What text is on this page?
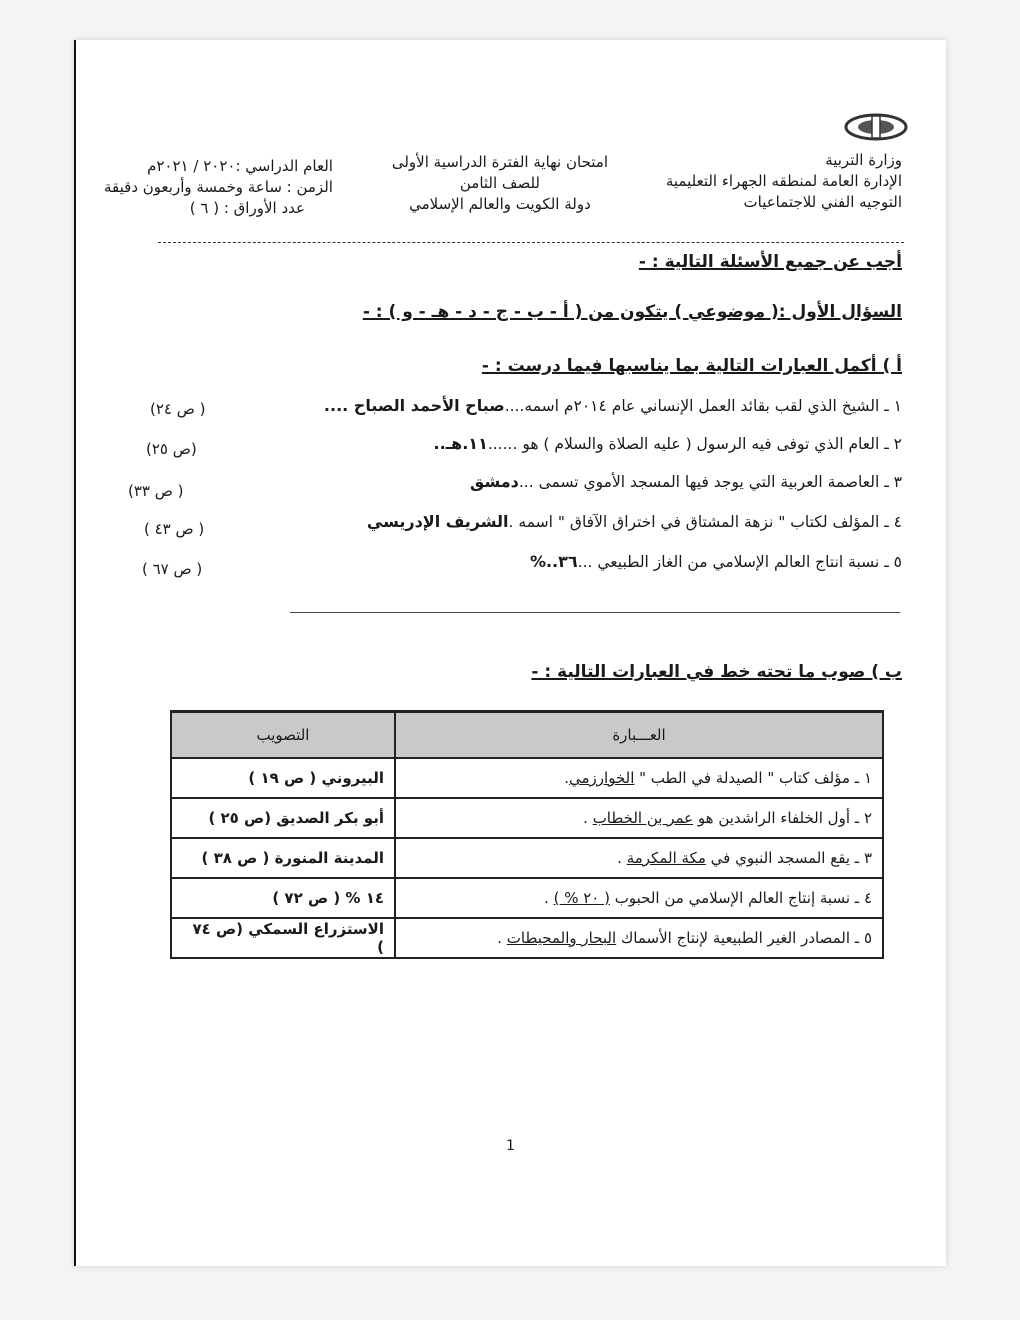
وزارة التربية
الإدارة العامة لمنطقه الجهراء التعليمية
التوجيه الفني للاجتماعيات
امتحان نهاية الفترة الدراسية الأولى
للصف الثامن
دولة الكويت والعالم الإسلامي
العام الدراسي :٢٠٢٠ / ٢٠٢١م
الزمن : ساعة وخمسة وأربعون دقيقة
عدد الأوراق : ( ٦ )
أجب عن جميع الأسئلة التالية : -
السؤال الأول :( موضوعي ) يتكون من ( أ - ب - ج - د - هـ - و ) : -
أ ) أكمل العبارات التالية بما يناسبها فيما درست : -
١ ـ الشيخ الذي لقب بقائد العمل الإنساني عام ٢٠١٤م اسمه....صباح الأحمد الصباح ....
( ص ٢٤)
٢ ـ العام الذي توفى فيه الرسول ( عليه الصلاة والسلام ) هو ......١١.هـ..
(ص ٢٥)
٣ ـ العاصمة العربية التي يوجد فيها المسجد الأموي تسمى ...دمشق
( ص ٣٣)
٤ ـ المؤلف لكتاب " نزهة المشتاق في اختراق الآفاق " اسمه .الشريف الإدريسي
( ص ٤٣ )
٥ ـ نسبة انتاج العالم الإسلامي من الغاز الطبيعي ...٣٦..%
( ص ٦٧ )
ب ) صوب ما تحته خط في العبارات التالية : -
العـــبارة	التصويب
١ ـ مؤلف كتاب " الصيدلة في الطب " الخوارزمي.	البيروني ( ص ١٩ )
٢ ـ أول الخلفاء الراشدين هو عمر بن الخطاب .	أبو بكر الصديق (ص ٢٥ )
٣ ـ يقع المسجد النبوي في مكة المكرمة .	المدينة المنورة ( ص ٣٨ )
٤ ـ نسبة إنتاج العالم الإسلامي من الحبوب ( ٢٠ % ) .	١٤ % ( ص ٧٢ )
٥ ـ المصادر الغير الطبيعية لإنتاج الأسماك البحار والمحيطات .	الاستزراع السمكي (ص ٧٤ )
1
